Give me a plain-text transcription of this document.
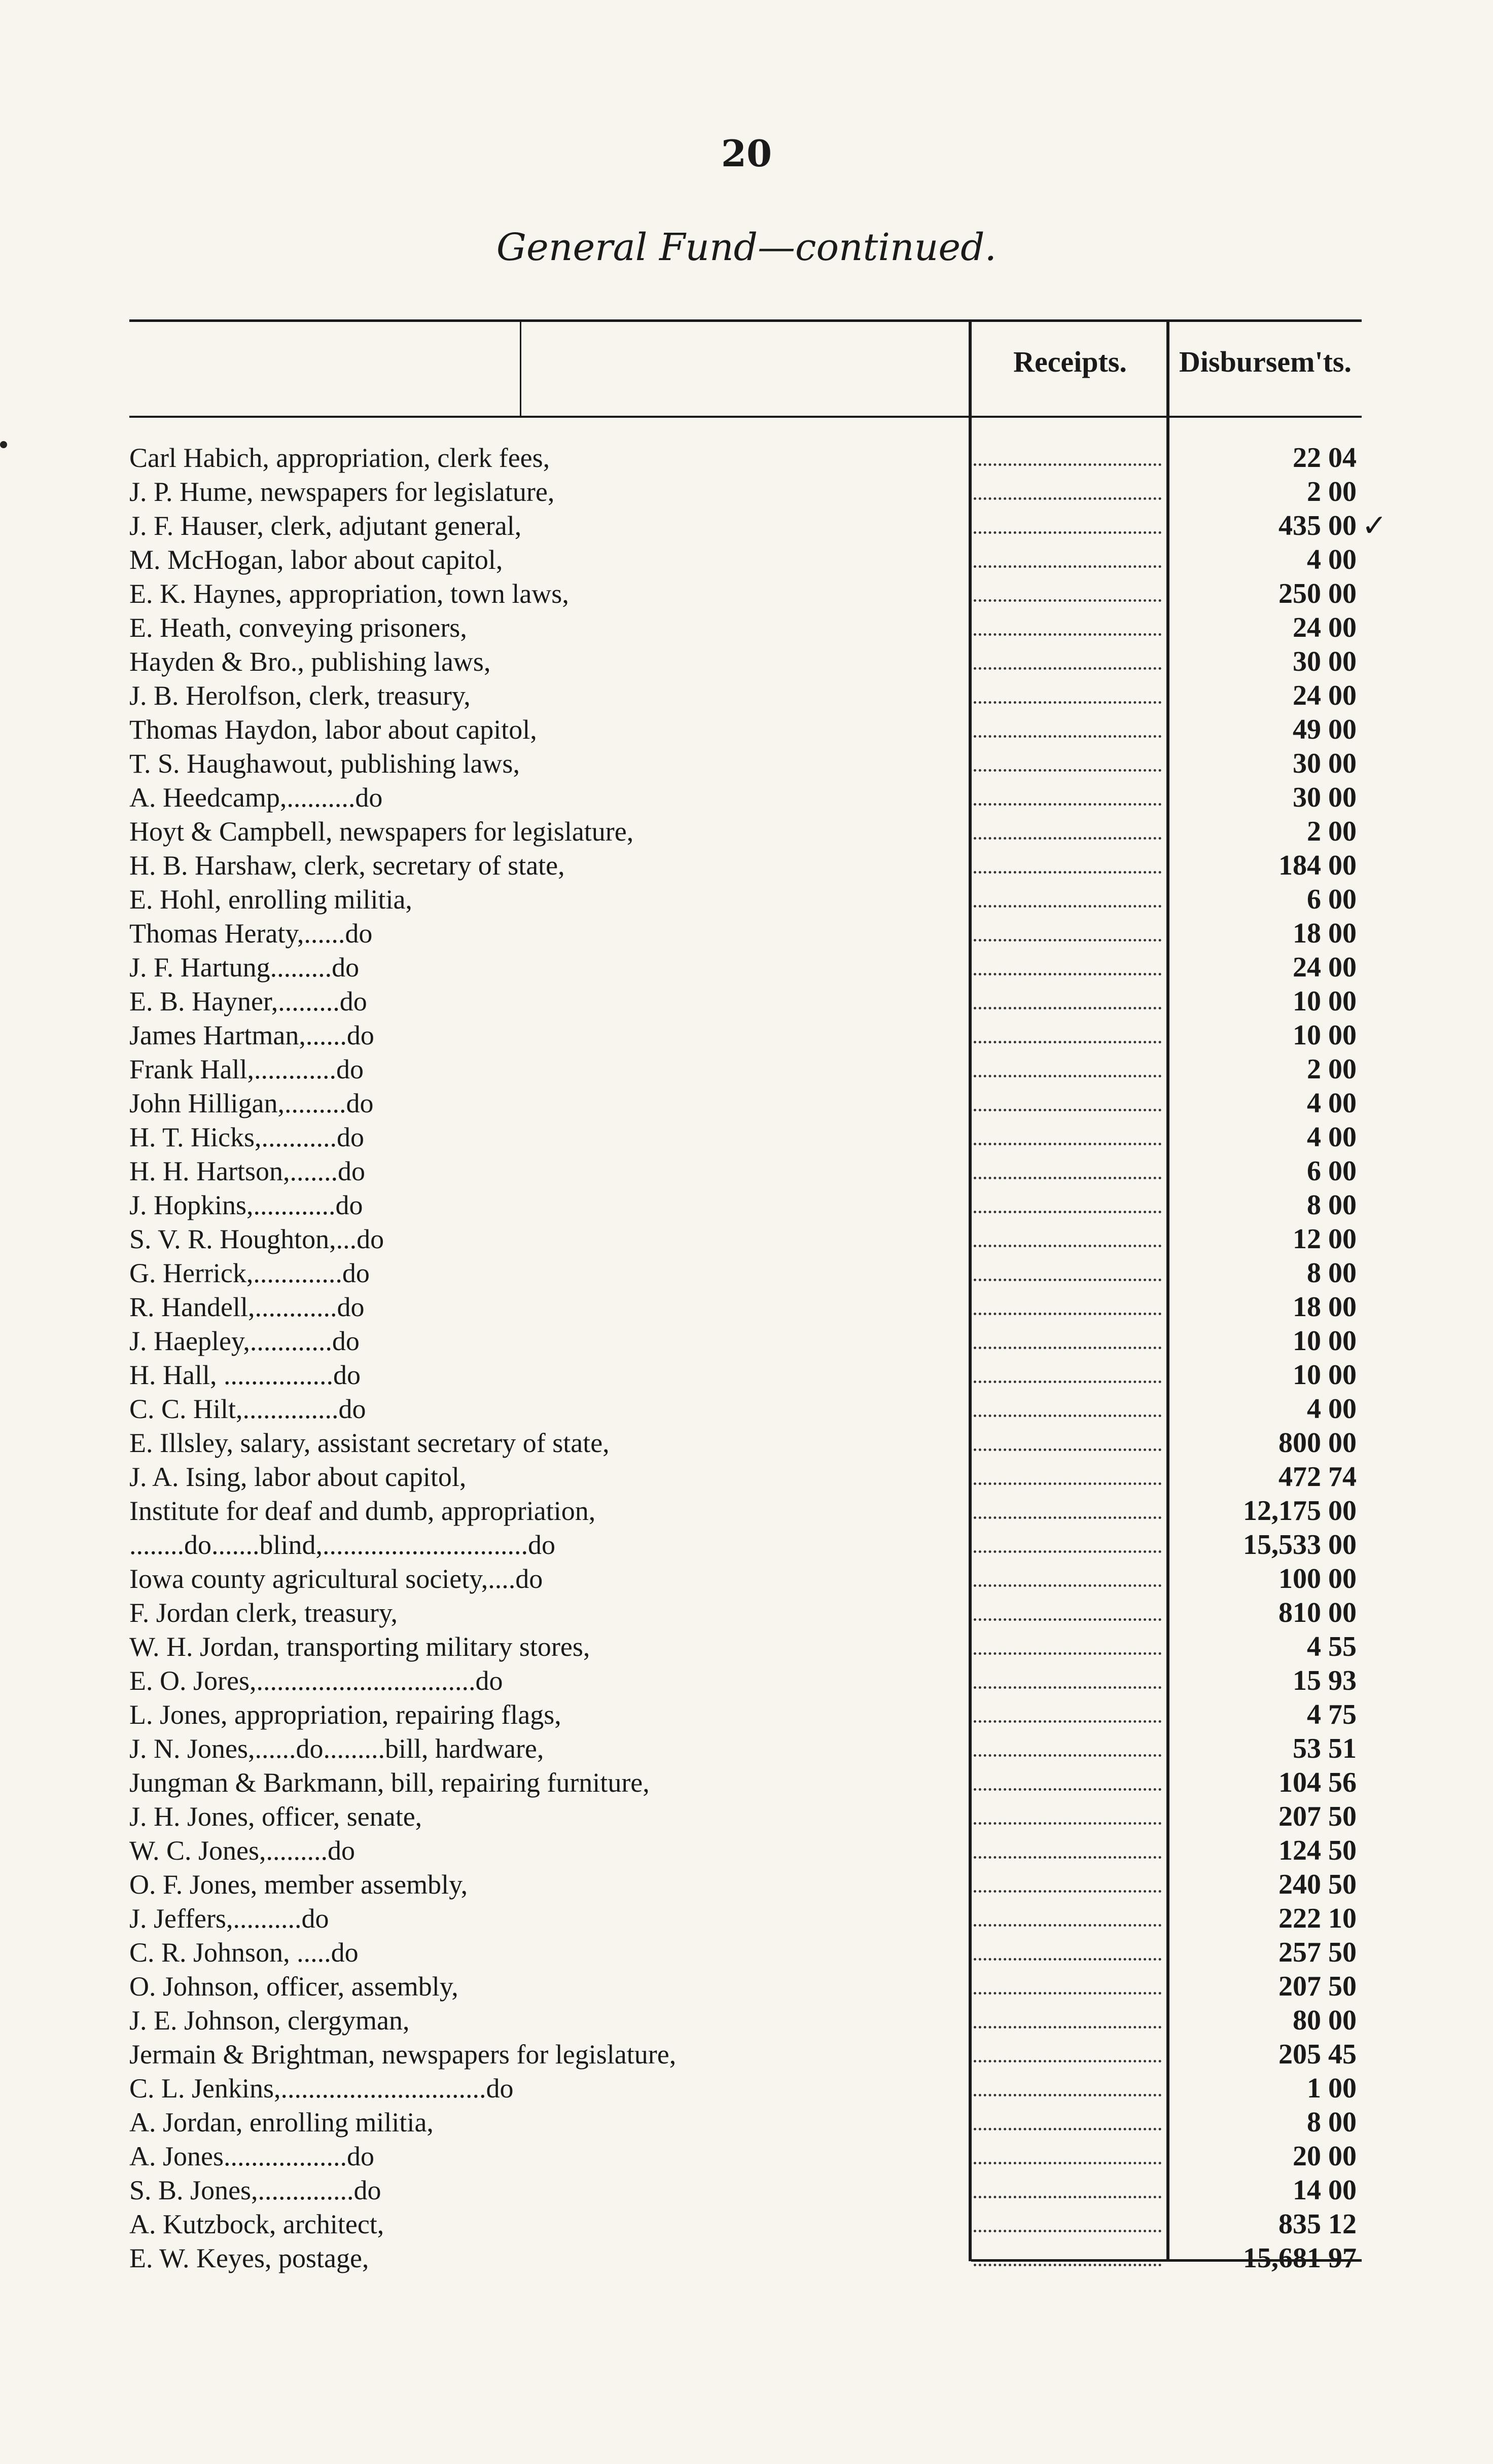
20
General Fund—continued.
Receipts.	Disbursem'ts.
Carl Habich, appropriation, clerk fees,	22 04
J. P. Hume, newspapers for legislature,	2 00
J. F. Hauser, clerk, adjutant general,	435 00 ✓
M. McHogan, labor about capitol,	4 00
E. K. Haynes, appropriation, town laws,	250 00
E. Heath, conveying prisoners,	24 00
Hayden & Bro., publishing laws,	30 00
J. B. Herolfson, clerk, treasury,	24 00
Thomas Haydon, labor about capitol,	49 00
T. S. Haughawout, publishing laws,	30 00
A. Heedcamp,..........do	30 00
Hoyt & Campbell, newspapers for legislature,	2 00
H. B. Harshaw, clerk, secretary of state,	184 00
E. Hohl, enrolling militia,	6 00
Thomas Heraty,......do	18 00
J. F. Hartung.........do	24 00
E. B. Hayner,.........do	10 00
James Hartman,......do	10 00
Frank Hall,............do	2 00
John Hilligan,.........do	4 00
H. T. Hicks,...........do	4 00
H. H. Hartson,.......do	6 00
J. Hopkins,............do	8 00
S. V. R. Houghton,...do	12 00
G. Herrick,.............do	8 00
R. Handell,............do	18 00
J. Haepley,............do	10 00
H. Hall, ................do	10 00
C. C. Hilt,..............do	4 00
E. Illsley, salary, assistant secretary of state,	800 00
J. A. Ising, labor about capitol,	472 74
Institute for deaf and dumb, appropriation,	12,175 00
........do.......blind,..............................do	15,533 00
Iowa county agricultural society,....do	100 00
F. Jordan clerk, treasury,	810 00
W. H. Jordan, transporting military stores,	4 55
E. O. Jores,................................do	15 93
L. Jones, appropriation, repairing flags,	4 75
J. N. Jones,......do.........bill, hardware,	53 51
Jungman & Barkmann, bill, repairing furniture,	104 56
J. H. Jones, officer, senate,	207 50
W. C. Jones,.........do	124 50
O. F. Jones, member assembly,	240 50
J. Jeffers,..........do	222 10
C. R. Johnson, .....do	257 50
O. Johnson, officer, assembly,	207 50
J. E. Johnson, clergyman,	80 00
Jermain & Brightman, newspapers for legislature,	205 45
C. L. Jenkins,..............................do	1 00
A. Jordan, enrolling militia,	8 00
A. Jones..................do	20 00
S. B. Jones,..............do	14 00
A. Kutzbock, architect,	835 12
E. W. Keyes, postage,	15,681 97
